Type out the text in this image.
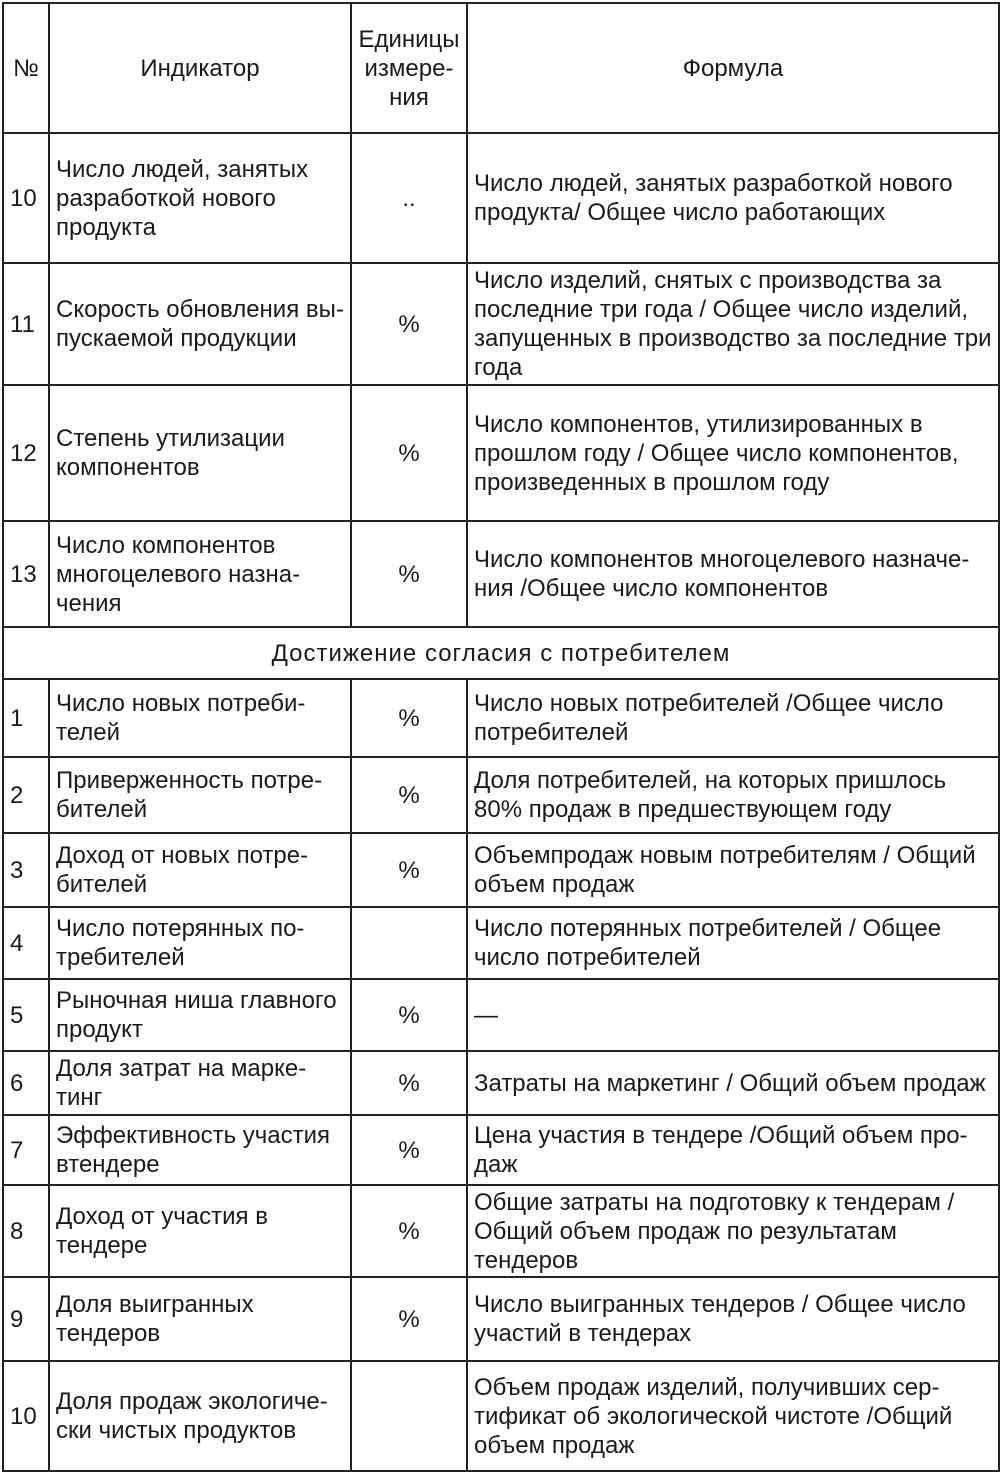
№	Индикатор	Единицы измере- ния	Формула
10	Число людей, занятых разработкой нового продукта	..	Число людей, занятых разработкой нового продукта/ Общее число работающих
11	Скорость обновления вы- пускаемой продукции	%	Число изделий, снятых с производства за последние три года / Общее число изделий, запущенных в производство за последние три года
12	Степень утилизации компонентов	%	Число компонентов, утилизированных в прошлом году / Общее число компонентов, произведенных в прошлом году
13	Число компонентов многоцелевого назна- чения	%	Число компонентов многоцелевого назначе- ния /Общее число компонентов
Достижение согласия с потребителем			
1	Число новых потреби- телей	%	Число новых потребителей /Общее число потребителей
2	Приверженность потре- бителей	%	Доля потребителей, на которых пришлось 80% продаж в предшествующем году
3	Доход от новых потре- бителей	%	Объемпродаж новым потребителям / Общий объем продаж
4	Число потерянных по- требителей		Число потерянных потребителей / Общее число потребителей
5	Рыночная ниша главного продукт	%	—
6	Доля затрат на марке- тинг	%	Затраты на маркетинг / Общий объем продаж
7	Эффективность участия втендере	%	Цена участия в тендере /Общий объем про- даж
8	Доход от участия в тендере	%	Общие затраты на подготовку к тендерам / Общий объем продаж по результатам тендеров
9	Доля выигранных тендеров	%	Число выигранных тендеров / Общее число участий в тендерах
10	Доля продаж экологиче- ски чистых продуктов		Объем продаж изделий, получивших сер- тификат об экологической чистоте /Общий объем продаж
